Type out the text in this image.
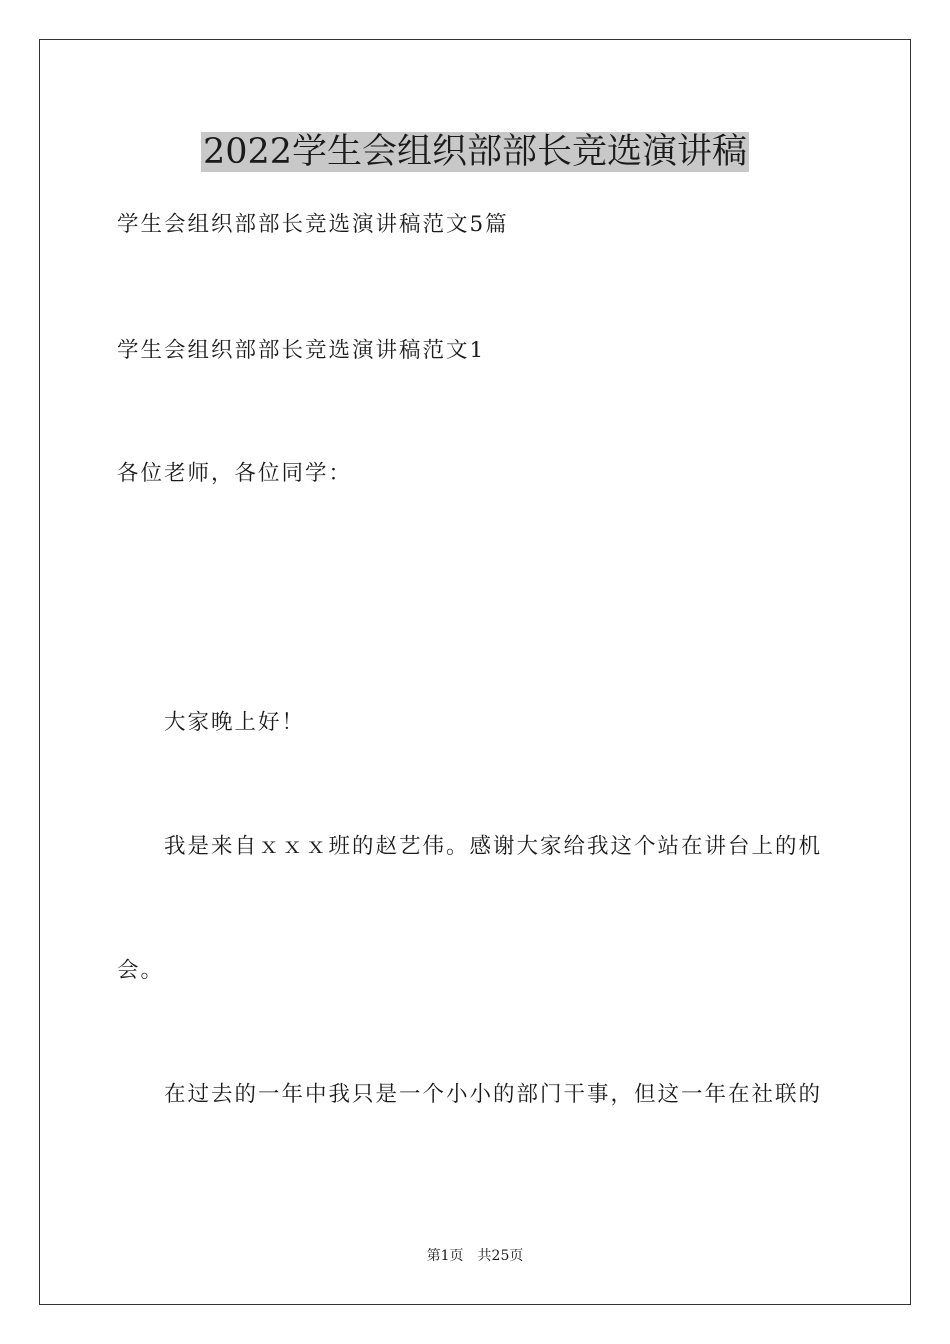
2022学生会组织部部长竞选演讲稿
学生会组织部部长竞选演讲稿范文5篇
学生会组织部部长竞选演讲稿范文1
各位老师，各位同学：
大家晚上好！
我是来自ｘｘｘ班的赵艺伟。感谢大家给我这个站在讲台上的机
会。
在过去的一年中我只是一个小小的部门干事，但这一年在社联的
第1页　共25页
